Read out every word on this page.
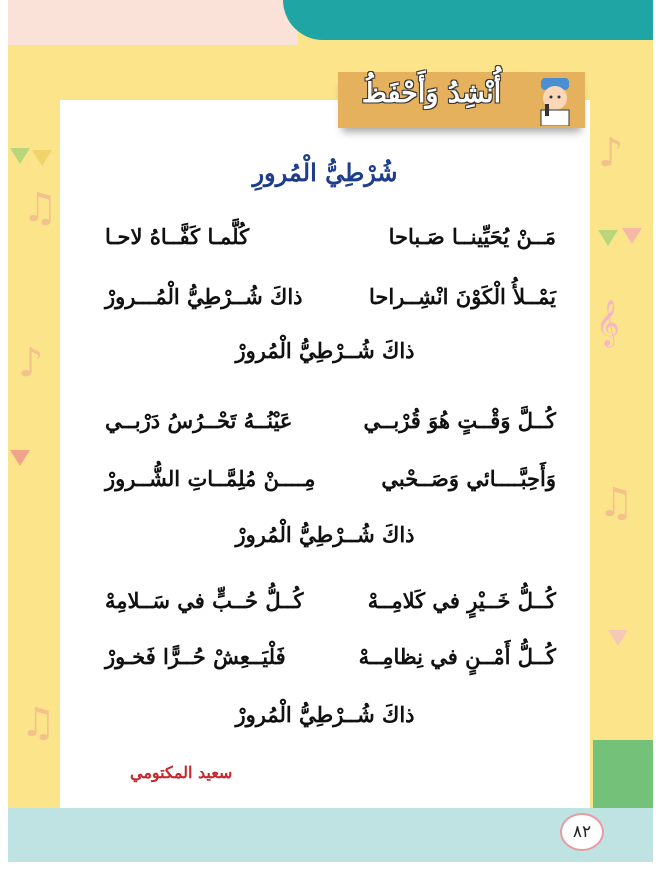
♫
♪
♪
𝄞
♫
♫
أُنْشِدُ وَأَحْفَظُ
شُرْطِيُّ الْمُرورِ
مَــنْ يُحَيِّينــا صَـباحا
كُلَّمـا كَفَّــاهُ لاحـا
يَمْــلأُ الْكَوْنَ انْشِــراحا
ذاكَ شُــرْطِيُّ الْمُـــرورْ
ذاكَ شُــرْطِيُّ الْمُرورْ
كُــلَّ وَقْــتٍ هُوَ قُرْبــي
عَيْنُــهُ تَحْــرُسُ دَرْبــي
وَأَحِبَّــــائي وَصَــحْبي
مِــــنْ مُلِمَّــاتِ الشُّــرورْ
ذاكَ شُــرْطِيُّ الْمُرورْ
كُــلُّ خَــيْرٍ في كَلامِــهْ
كُــلُّ حُــبٍّ في سَــلامِهْ
كُــلُّ أَمْــنٍ في نِظامِــهْ
فَلْيَــعِشْ حُــرًّا فَخـورْ
ذاكَ شُــرْطِيُّ الْمُرورْ
سعيد المكتومي
٨٢
